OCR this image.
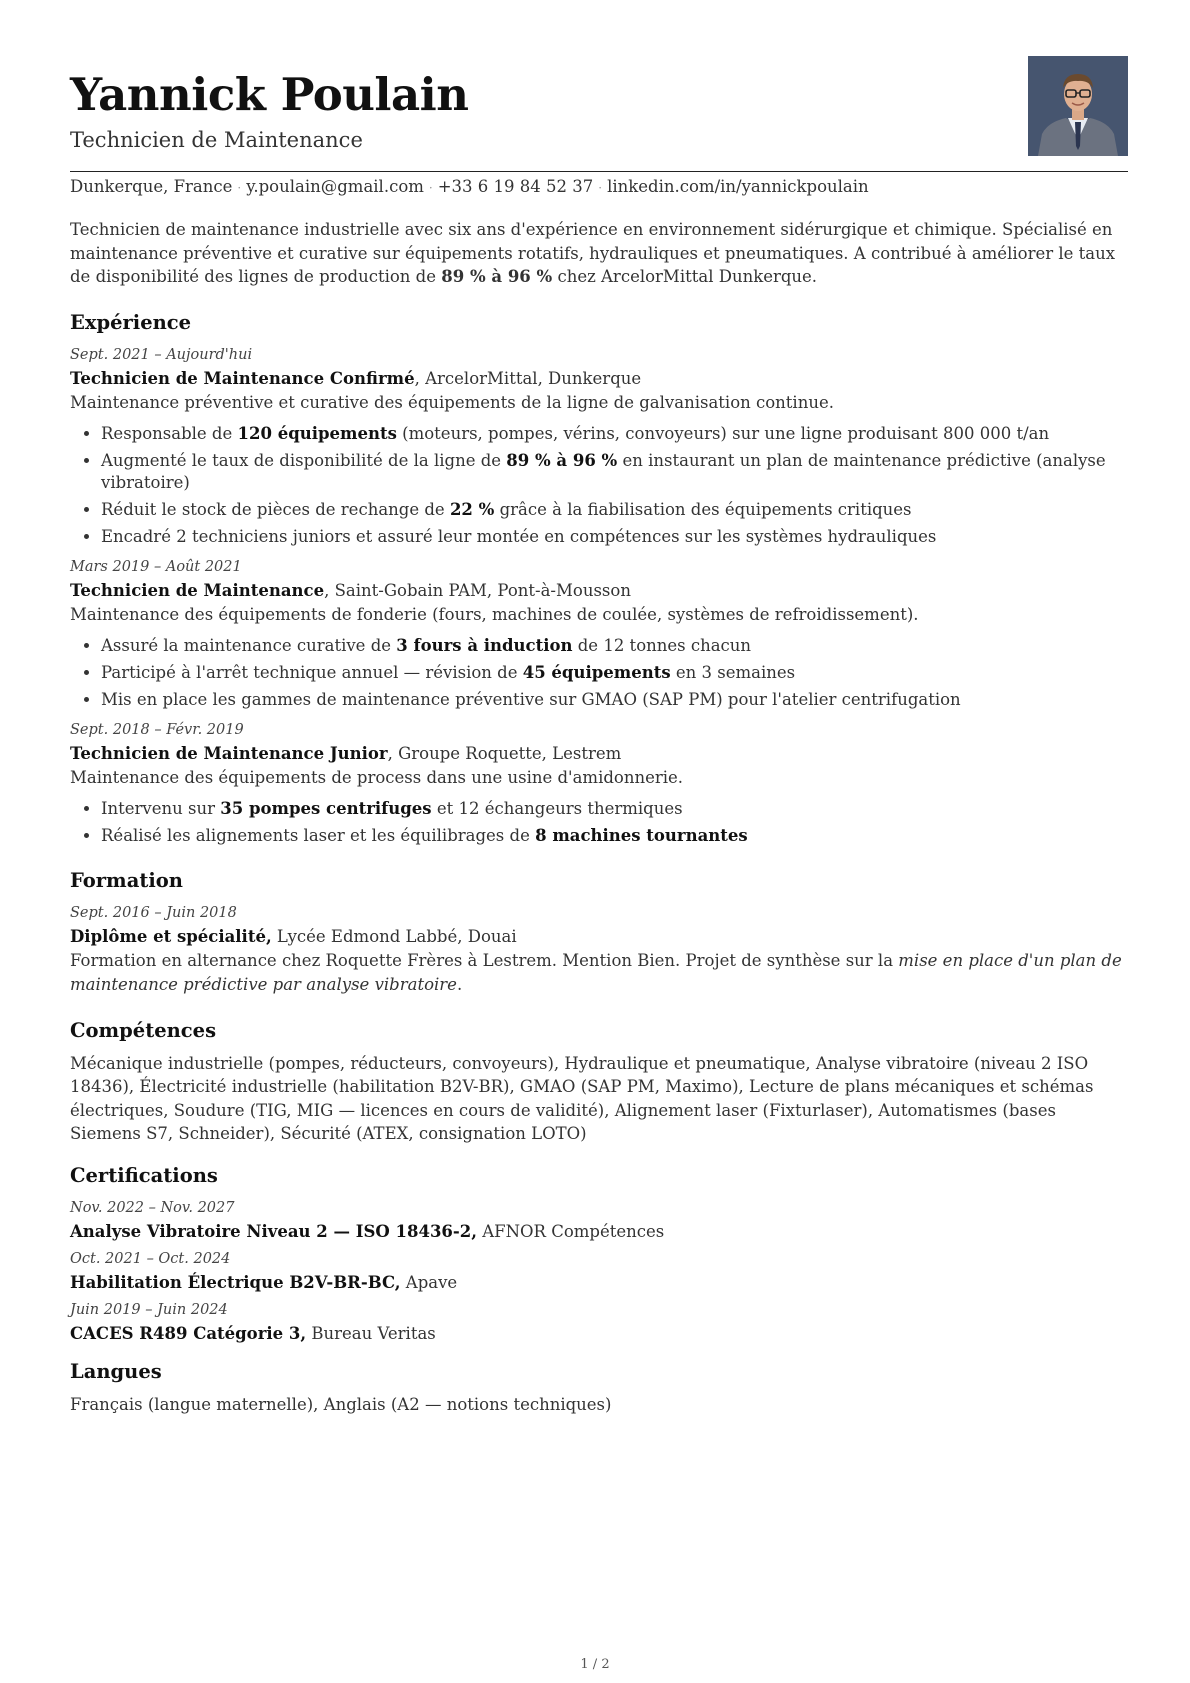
Yannick Poulain
Technicien de Maintenance
Dunkerque, France · y.poulain@gmail.com · +33 6 19 84 52 37 · linkedin.com/in/yannickpoulain

Technicien de maintenance industrielle avec six ans d'expérience en environnement sidérurgique et chimique. Spécialisé en maintenance préventive et curative sur équipements rotatifs, hydrauliques et pneumatiques. A contribué à améliorer le taux de disponibilité des lignes de production de 89 % à 96 % chez ArcelorMittal Dunkerque.

Expérience
Sept. 2021 – Aujourd'hui
Technicien de Maintenance Confirmé, ArcelorMittal, Dunkerque

Maintenance préventive et curative des équipements de la ligne de galvanisation continue.

• Responsable de 120 équipements (moteurs, pompes, vérins, convoyeurs) sur une ligne produisant 800 000 t/an
• Augmenté le taux de disponibilité de la ligne de 89 % à 96 % en instaurant un plan de maintenance prédictive (analyse vibratoire)
• Réduit le stock de pièces de rechange de 22 % grâce à la fiabilisation des équipements critiques
• Encadré 2 techniciens juniors et assuré leur montée en compétences sur les systèmes hydrauliques
Mars 2019 – Août 2021
Technicien de Maintenance, Saint-Gobain PAM, Pont-à-Mousson

Maintenance des équipements de fonderie (fours, machines de coulée, systèmes de refroidissement).

• Assuré la maintenance curative de 3 fours à induction de 12 tonnes chacun
• Participé à l'arrêt technique annuel — révision de 45 équipements en 3 semaines
• Mis en place les gammes de maintenance préventive sur GMAO (SAP PM) pour l'atelier centrifugation
Sept. 2018 – Févr. 2019
Technicien de Maintenance Junior, Groupe Roquette, Lestrem

Maintenance des équipements de process dans une usine d'amidonnerie.

• Intervenu sur 35 pompes centrifuges et 12 échangeurs thermiques
• Réalisé les alignements laser et les équilibrages de 8 machines tournantes
Formation
Sept. 2016 – Juin 2018
Diplôme et spécialité, Lycée Edmond Labbé, Douai

Formation en alternance chez Roquette Frères à Lestrem. Mention Bien. Projet de synthèse sur la mise en place d'un plan de maintenance prédictive par analyse vibratoire.

Compétences

Mécanique industrielle (pompes, réducteurs, convoyeurs), Hydraulique et pneumatique, Analyse vibratoire (niveau 2 ISO 18436), Électricité industrielle (habilitation B2V-BR), GMAO (SAP PM, Maximo), Lecture de plans mécaniques et schémas électriques, Soudure (TIG, MIG — licences en cours de validité), Alignement laser (Fixturlaser), Automatismes (bases Siemens S7, Schneider), Sécurité (ATEX, consignation LOTO)

Certifications
Nov. 2022 – Nov. 2027
Analyse Vibratoire Niveau 2 — ISO 18436-2, AFNOR Compétences
Oct. 2021 – Oct. 2024
Habilitation Électrique B2V-BR-BC, Apave
Juin 2019 – Juin 2024
CACES R489 Catégorie 3, Bureau Veritas
Langues

Français (langue maternelle), Anglais (A2 — notions techniques)

1 / 2
